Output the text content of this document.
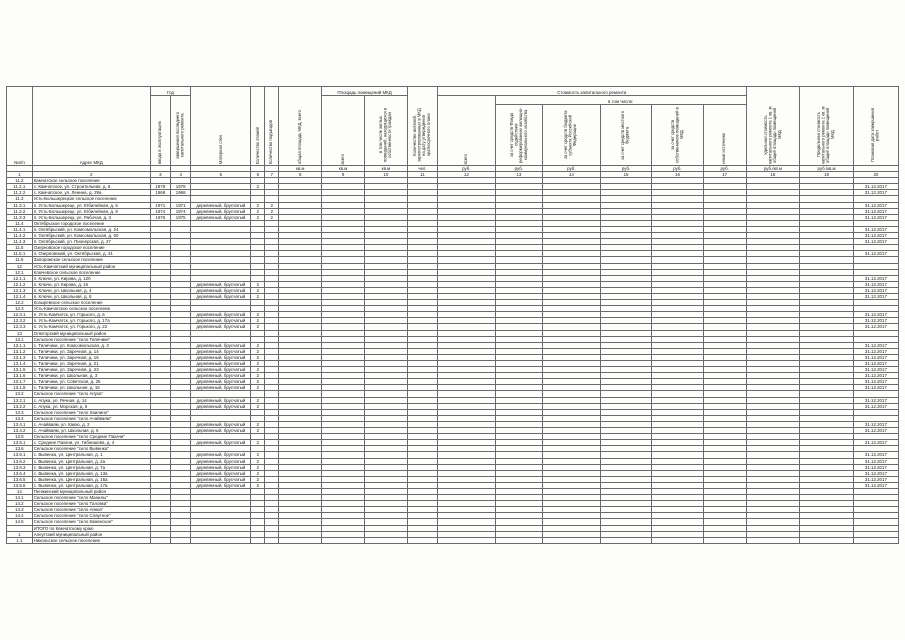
№п/п	Адрес МКД	Год		Материал стен	Количество этажей	Количество подъездов	общая площадь МКД, всего	Площадь помещений МКД		Количество жителей, зарегистрированных в МКД на дату утверждения краткосрочного плана	Стоимость капитального ремонта						Удельная стоимость капитального ремонта 1 кв. м общей площади помещений МКД	Предельная стоимость капитального ремонта 1 кв. м общей площади помещений МКД	Плановая дата завершения работ
		ввода в эксплуатацию	завершения последнего капитального ремонта					всего	в том числе жилых помещений, находящихся в собственности граждан		всего	в том числе:							
												за счет средств Фонда содействия реформированию жилищно-коммунального хозяйства	за счет средств бюджета субъекта Российской Федерации	за счет средств местного бюджета	за счет средств собственников помещений в МКД	иные источники			
							кв.м	кв.м	кв.м	чел.	руб.	руб.	руб.	руб.	руб.	руб.	руб./кв.м	руб./кв.м	
1	2	3	4	5	6	7	8	9	10	11	12	13	14	15	16	17	18	19	20
11.2	Камчатское сельское поселение																		
11.2.1	с. Камчатское, ул. Строительная, д. 6	1978	1978		2														31.12.2017
11.2.2	с. Камчатское, ул. Ленина, д. 29а	1968	1968																31.12.2017
11.3	Усть-Большерецкое сельское поселение																		
11.3.1	п. Усть-Большерецк, ул. Юбилейная, д. 6	1971	1971	деревянный, брусчатый	2	2													31.12.2017
11.3.2	п. Усть-Большерецк, ул. Юбилейная, д. 8	1974	1974	деревянный, брусчатый	2	2													31.12.2017
11.3.3	п. Усть-Большерецк, ул. Рабочая, д. 3	1975	1975	деревянный, брусчатый	2	2													31.12.2017
11.4	Октябрьское городское поселение																		
11.4.1	п. Октябрьский, ул. Комсомольская, д. 24																		31.12.2017
11.4.2	п. Октябрьский, ул. Комсомольская, д. 50																		31.12.2017
11.4.3	п. Октябрьский, ул. Пионерская, д. 27																		31.12.2017
11.5	Озерновское городское поселение																		
11.5.1	п. Озерновский, ул. Октябрьская, д. 31																		31.12.2017
11.6	Запорожское сельское поселение																		
12	Усть-Камчатский муниципальный район																		
12.1	Ключевское сельское поселение																		
12.1.1	п. Ключи, ул. Кирова, д. 120																		31.12.2017
12.1.2	п. Ключи, ул. Кирова, д. 16			деревянный, брусчатый	2														31.12.2017
12.1.3	п. Ключи, ул. Школьная, д. 4			деревянный, брусчатый	2														31.12.2017
12.1.4	п. Ключи, ул. Школьная, д. 8			деревянный, брусчатый	2														31.12.2017
12.2	Козыревское сельское поселение																		
12.3	Усть-Камчатское сельское поселение																		
12.3.1	п. Усть-Камчатск, ул. Горького, д. 6			деревянный, брусчатый	2														31.12.2017
12.3.2	п. Усть-Камчатск, ул. Горького, д. 17а			деревянный, брусчатый	2														31.12.2017
12.3.3	п. Усть-Камчатск, ул. Горького, д. 22			деревянный, брусчатый	2														31.12.2017
13	Олюторский муниципальный район																		
13.1	Сельское поселение "село Тиличики"																		
13.1.1	с. Тиличики, ул. Комсомольская, д. 3			деревянный, брусчатый	2														31.12.2017
13.1.2	с. Тиличики, ул. Заречная, д. 14			деревянный, брусчатый	2														31.12.2017
13.1.3	с. Тиличики, ул. Заречная, д. 16			деревянный, брусчатый	2														31.12.2017
13.1.4	с. Тиличики, ул. Заречная, д. 21			деревянный, брусчатый	2														31.12.2017
13.1.5	с. Тиличики, ул. Заречная, д. 23			деревянный, брусчатый	2														31.12.2017
13.1.6	с. Тиличики, ул. Школьная, д. 3			деревянный, брусчатый	2														31.12.2017
13.1.7	с. Тиличики, ул. Советская, д. 25			деревянный, брусчатый	2														31.12.2017
13.1.8	с. Тиличики, ул. Школьная, д. 15			деревянный, брусчатый	2														31.12.2017
13.2	Сельское поселение "село Апука"																		
13.2.1	с. Апука, ул. Речная, д. 14			деревянный, брусчатый	2														31.12.2017
13.2.2	с. Апука, ул. Морская, д. 5			деревянный, брусчатый	2														31.12.2017
13.3	Сельское поселение "село Хаилино"																		
13.4	Сельское поселение "село Ачайваям"																		
13.4.1	с. Ачайваям, ул. Каюю, д. 2			деревянный, брусчатый	2														31.12.2017
13.4.2	с. Ачайваям, ул. Школьная, д. 5			деревянный, брусчатый	2														31.12.2017
13.5	Сельское поселение "село Средние Пахачи"																		
13.5.1	с. Средние Пахачи, ул. Гибнишева, д. 4			деревянный, брусчатый	2														31.12.2017
13.6	Сельское поселение "село Вывенка"																		
13.6.1	с. Вывенка, ул. Центральная, д. 1			деревянный, брусчатый	2														31.12.2017
13.6.2	с. Вывенка, ул. Центральная, д. 2а			деревянный, брусчатый	2														31.12.2017
13.6.3	с. Вывенка, ул. Центральная, д. 7а			деревянный, брусчатый	2														31.12.2017
13.6.4	с. Вывенка, ул. Центральная, д. 13а			деревянный, брусчатый	2														31.12.2017
13.6.5	с. Вывенка, ул. Центральная, д. 15а			деревянный, брусчатый	2														31.12.2017
13.6.6	с. Вывенка, ул. Центральная, д. 17а			деревянный, брусчатый	2														31.12.2017
14	Пенжинский муниципальный район																		
14.1	Сельское поселение "село Манилы"																		
14.2	Сельское поселение "село Таловка"																		
14.3	Сельское поселение "село Аянка"																		
14.4	Сельское поселение "село Слаутное"																		
14.5	Сельское поселение "село Каменское"																		
	ИТОГО по Камчатскому краю																		
1	Алеутский муниципальный район																		
1.1	Никольское сельское поселение																		
